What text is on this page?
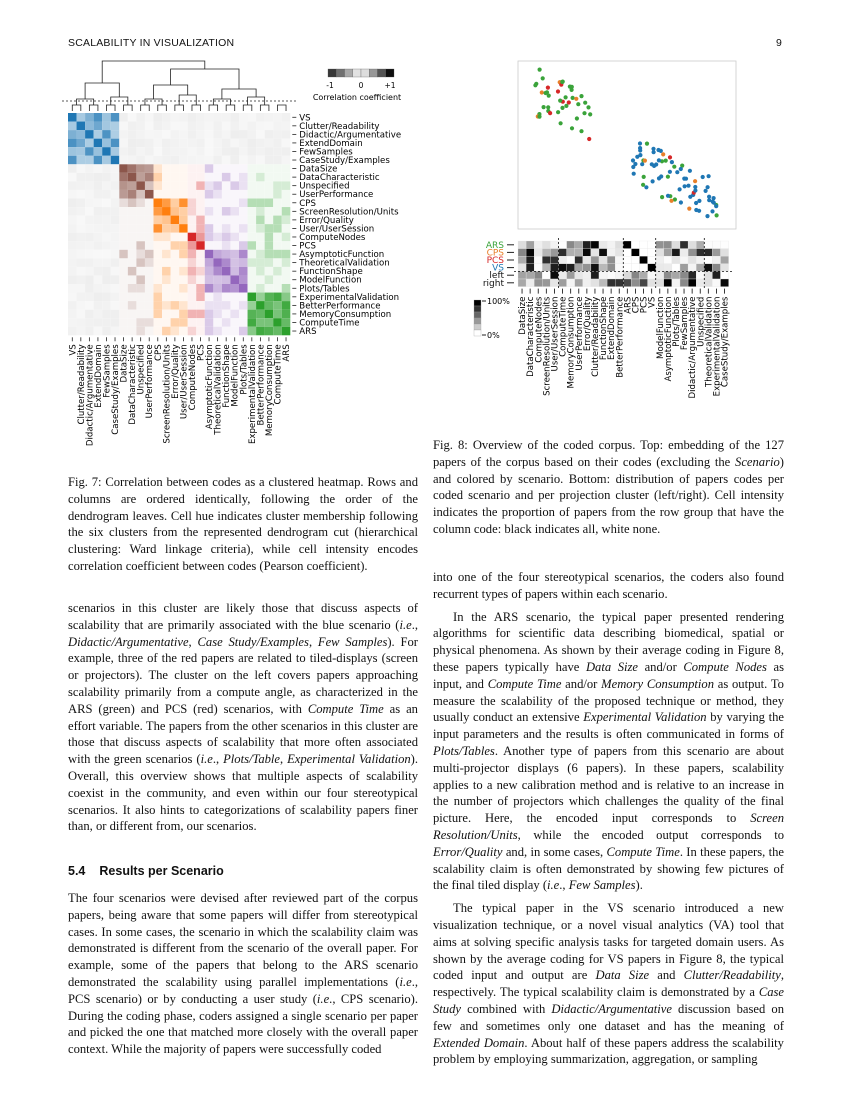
SCALABILITY IN VISUALIZATION	9
VS
Clutter/Readability
Didactic/Argumentative
ExtendDomain
FewSamples
CaseStudy/Examples
DataSize
DataCharacteristic
Unspecified
UserPerformance
CPS
ScreenResolution/Units
Error/Quality
User/UserSession
ComputeNodes
PCS
AsymptoticFunction
TheoreticalValidation
FunctionShape
ModelFunction
Plots/Tables
ExperimentalValidation
BetterPerformance
MemoryConsumption
ComputeTime
ARS
VS
Clutter/Readability
Didactic/Argumentative
ExtendDomain
FewSamples
CaseStudy/Examples
DataSize
DataCharacteristic
Unspecified
UserPerformance
CPS
ScreenResolution/Units
Error/Quality
User/UserSession
ComputeNodes
PCS
AsymptoticFunction
TheoreticalValidation
FunctionShape
ModelFunction
Plots/Tables
ExperimentalValidation
BetterPerformance
MemoryConsumption
ComputeTime
ARS
-1	0	+1
Correlation coefficient
Fig. 7: Correlation between codes as a clustered heatmap. Rows and columns are ordered identically, following the order of the dendrogram leaves. Cell hue indicates cluster membership following the six clusters from the represented dendrogram cut (hierarchical clustering: Ward linkage criteria), while cell intensity encodes correlation coefficient between codes (Pearson coefficient).
ARS
CPS
PCS
VS
left
right
DataSize
DataCharacteristic
ComputeNodes
ScreenResolution/Units
User/UserSession
ComputeTime
MemoryConsumption
UserPerformance
Error/Quality
Clutter/Readability
FunctionShape
ExtendDomain
BetterPerformance
ARS
CPS
PCS
VS
ModelFunction
AsymptoticFunction
Plots/Tables
FewSamples
Didactic/Argumentative
Unspecified
TheoreticalValidation
ExperimentalValidation
CaseStudy/Examples
100%
0%
Fig. 8: Overview of the coded corpus. Top: embedding of the 127 papers of the corpus based on their codes (excluding the Scenario) and colored by scenario. Bottom: distribution of papers codes per coded scenario and per projection cluster (left/right). Cell intensity indicates the proportion of papers from the row group that have the column code: black indicates all, white none.

scenarios in this cluster are likely those that discuss aspects of scalability that are primarily associated with the blue scenario (i.e., Didactic/Argumentative, Case Study/Examples, Few Samples). For example, three of the red papers are related to tiled-displays (screen or projectors). The cluster on the left covers papers approaching scalability primarily from a compute angle, as characterized in the ARS (green) and PCS (red) scenarios, with Compute Time as an effort variable. The papers from the other scenarios in this cluster are those that discuss aspects of scalability that more often associated with the green scenarios (i.e., Plots/Table, Experimental Validation). Overall, this overview shows that multiple aspects of scalability coexist in the community, and even within our four stereotypical scenarios. It also hints to categorizations of scalability papers finer than, or different from, our scenarios.

5.4 Results per Scenario

The four scenarios were devised after reviewed part of the corpus papers, being aware that some papers will differ from stereotypical cases. In some cases, the scenario in which the scalability claim was demonstrated is different from the scenario of the overall paper. For example, some of the papers that belong to the ARS scenario demonstrated the scalability using parallel implementations (i.e., PCS scenario) or by conducting a user study (i.e., CPS scenario). During the coding phase, coders assigned a single scenario per paper and picked the one that matched more closely with the overall paper context. While the majority of papers were successfully coded

into one of the four stereotypical scenarios, the coders also found recurrent types of papers within each scenario.

In the ARS scenario, the typical paper presented rendering algorithms for scientific data describing biomedical, spatial or physical phenomena. As shown by their average coding in Figure 8, these papers typically have Data Size and/or Compute Nodes as input, and Compute Time and/or Memory Consumption as output. To measure the scalability of the proposed technique or method, they usually conduct an extensive Experimental Validation by varying the input parameters and the results is often communicated in forms of Plots/Tables. Another type of papers from this scenario are about multi-projector displays (6 papers). In these papers, scalability applies to a new calibration method and is relative to an increase in the number of projectors which challenges the quality of the final picture. Here, the encoded input corresponds to Screen Resolution/Units, while the encoded output corresponds to Error/Quality and, in some cases, Compute Time. In these papers, the scalability claim is often demonstrated by showing few pictures of the final tiled display (i.e., Few Samples).

The typical paper in the VS scenario introduced a new visualization technique, or a novel visual analytics (VA) tool that aims at solving specific analysis tasks for targeted domain users. As shown by the average coding for VS papers in Figure 8, the typical coded input and output are Data Size and Clutter/Readability, respectively. The typical scalability claim is demonstrated by a Case Study combined with Didactic/Argumentative discussion based on few and sometimes only one dataset and has the meaning of Extended Domain. About half of these papers address the scalability problem by employing summarization, aggregation, or sampling
